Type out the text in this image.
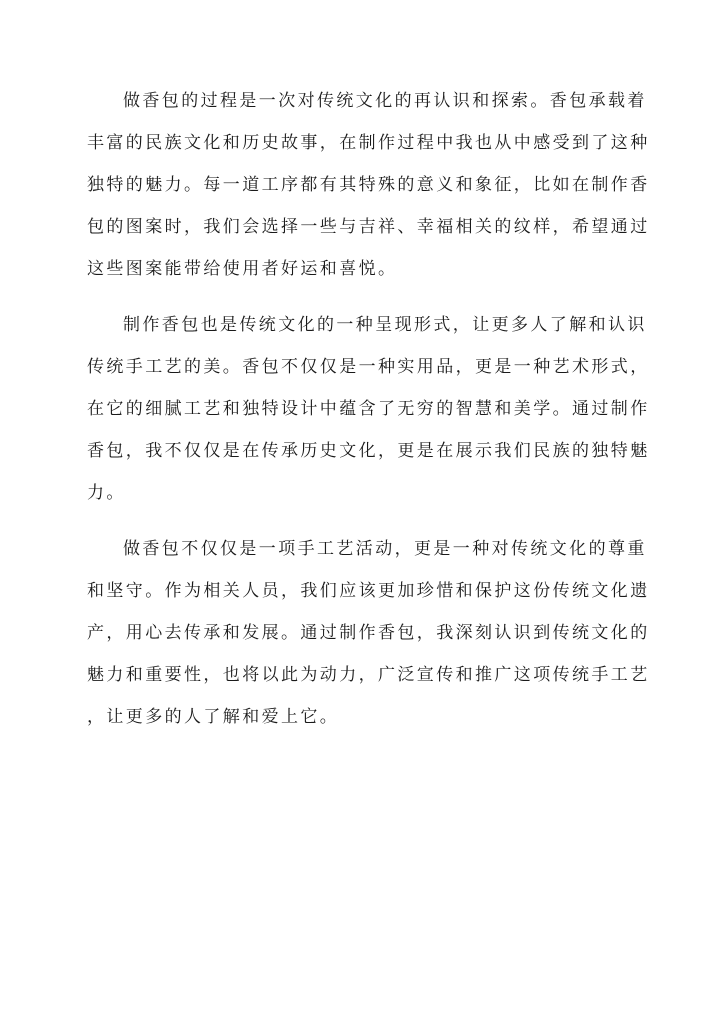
做香包的过程是一次对传统文化的再认识和探索。香包承载着
丰富的民族文化和历史故事，在制作过程中我也从中感受到了这种
独特的魅力。每一道工序都有其特殊的意义和象征，比如在制作香
包的图案时，我们会选择一些与吉祥、幸福相关的纹样，希望通过
这些图案能带给使用者好运和喜悦。

制作香包也是传统文化的一种呈现形式，让更多人了解和认识
传统手工艺的美。香包不仅仅是一种实用品，更是一种艺术形式，
在它的细腻工艺和独特设计中蕴含了无穷的智慧和美学。通过制作
香包，我不仅仅是在传承历史文化，更是在展示我们民族的独特魅
力。

做香包不仅仅是一项手工艺活动，更是一种对传统文化的尊重
和坚守。作为相关人员，我们应该更加珍惜和保护这份传统文化遗
产，用心去传承和发展。通过制作香包，我深刻认识到传统文化的
魅力和重要性，也将以此为动力，广泛宣传和推广这项传统手工艺
，让更多的人了解和爱上它。
